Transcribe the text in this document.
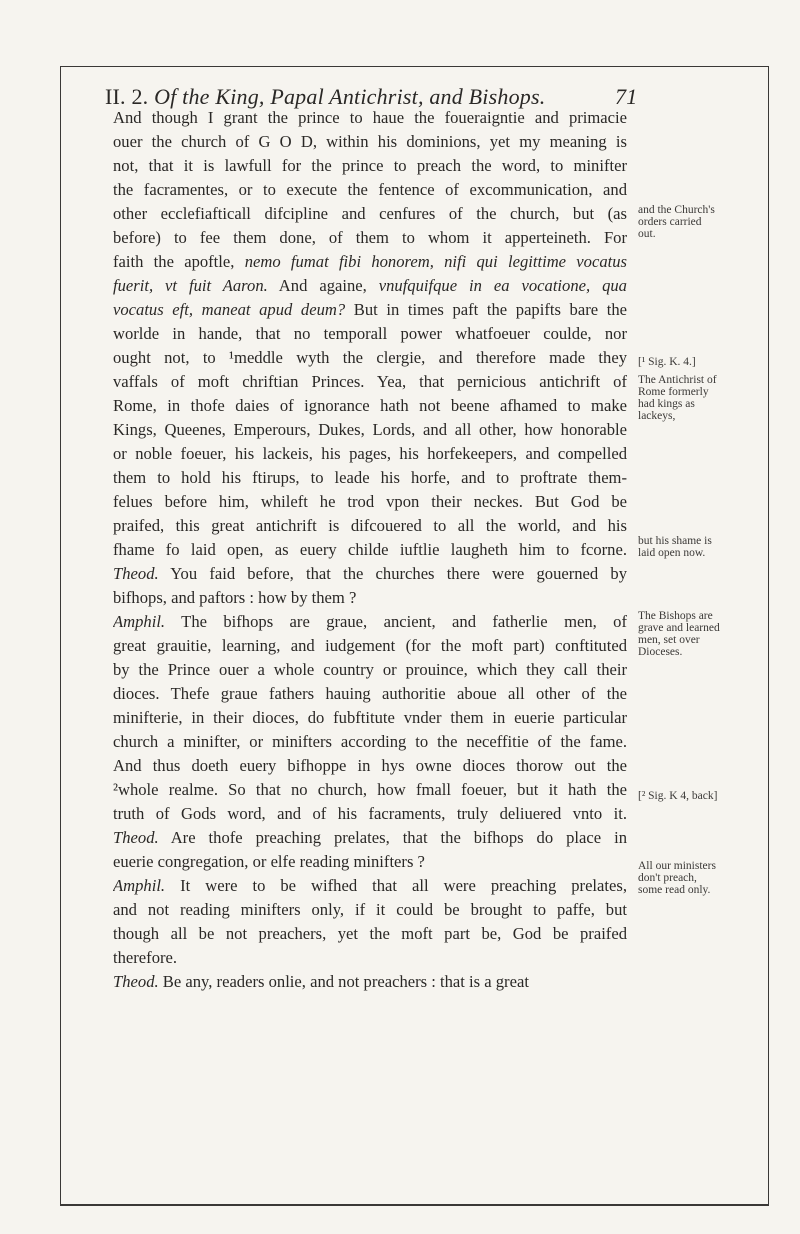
II. 2. Of the King, Papal Antichrist, and Bishops.	71
And though I grant the prince to haue the foueraigntie and primacie
ouer the church of G O D, within his dominions, yet my meaning is
not, that it is lawfull for the prince to preach the word, to minifter
the facramentes, or to execute the fentence of excommunication, and
other ecclefiafticall difcipline and cenfures of the church, but (as
before) to fee them done, of them to whom it apperteineth. For
faith the apoftle, nemo fumat fibi honorem, nifi qui legittime vocatus
fuerit, vt fuit Aaron. And againe, vnufquifque in ea vocatione, qua
vocatus eft, maneat apud deum? But in times paft the papifts bare the
worlde in hande, that no temporall power whatfoeuer coulde, nor
ought not, to ¹meddle wyth the clergie, and therefore made they
vaffals of moft chriftian Princes. Yea, that pernicious antichrift of
Rome, in thofe daies of ignorance hath not beene afhamed to make
Kings, Queenes, Emperours, Dukes, Lords, and all other, how honorable
or noble foeuer, his lackeis, his pages, his horfekeepers, and compelled
them to hold his ftirups, to leade his horfe, and to proftrate them-
felues before him, whileft he trod vpon their neckes. But God be
praifed, this great antichrift is difcouered to all the world, and his
fhame fo laid open, as euery childe iuftlie laugheth him to fcorne.
Theod. You faid before, that the churches there were gouerned by
bifhops, and paftors : how by them ?
Amphil. The bifhops are graue, ancient, and fatherlie men, of
great grauitie, learning, and iudgement (for the moft part) conftituted
by the Prince ouer a whole country or prouince, which they call their
dioces. Thefe graue fathers hauing authoritie aboue all other of the
minifterie, in their dioces, do fubftitute vnder them in euerie particular
church a minifter, or minifters according to the neceffitie of the fame.
And thus doeth euery bifhoppe in hys owne dioces thorow out the
²whole realme. So that no church, how fmall foeuer, but it hath the
truth of Gods word, and of his facraments, truly deliuered vnto it.
Theod. Are thofe preaching prelates, that the bifhops do place in
euerie congregation, or elfe reading minifters ?
Amphil. It were to be wifhed that all were preaching prelates,
and not reading minifters only, if it could be brought to paffe, but
though all be not preachers, yet the moft part be, God be praifed
therefore.
Theod. Be any, readers onlie, and not preachers : that is a great
and the Church's
orders carried
out.
[¹ Sig. K. 4.]
The Antichrist of
Rome formerly
had kings as
lackeys,
but his shame is
laid open now.
The Bishops are
grave and learned
men, set over
Dioceses.
[² Sig. K 4, back]
All our ministers
don't preach,
some read only.
